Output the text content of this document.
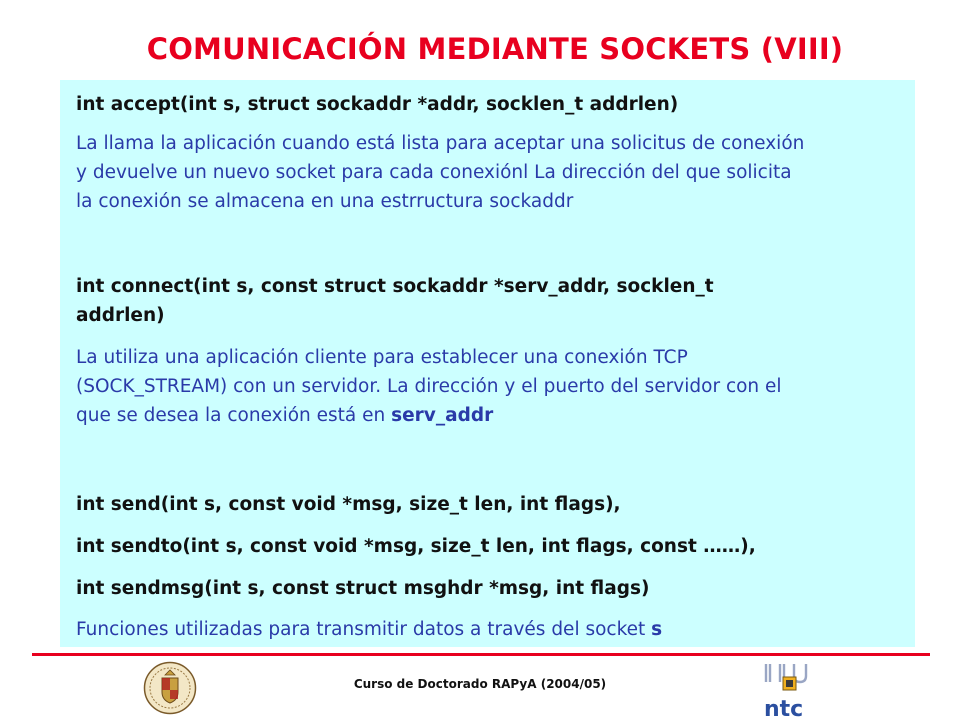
COMUNICACIÓN MEDIANTE SOCKETS (VIII)
int accept(int s, struct sockaddr *addr, socklen_t addrlen)
La llama la aplicación cuando está lista para aceptar una solicitus de conexión
y devuelve un nuevo socket para cada conexiónl La dirección del que solicita
la conexión se almacena en una estrructura sockaddr
int connect(int s, const struct sockaddr *serv_addr, socklen_t
addrlen)
La utiliza una aplicación cliente para establecer una conexión TCP
(SOCK_STREAM) con un servidor. La dirección y el puerto del servidor con el
que se desea la conexión está en serv_addr
int send(int s, const void *msg, size_t len, int flags),
int sendto(int s, const void *msg, size_t len, int flags, const ……),
int sendmsg(int s, const struct msghdr *msg, int flags)
Funciones utilizadas para transmitir datos a través del socket s
Curso de Doctorado RAPyA (2004/05)
ntc
